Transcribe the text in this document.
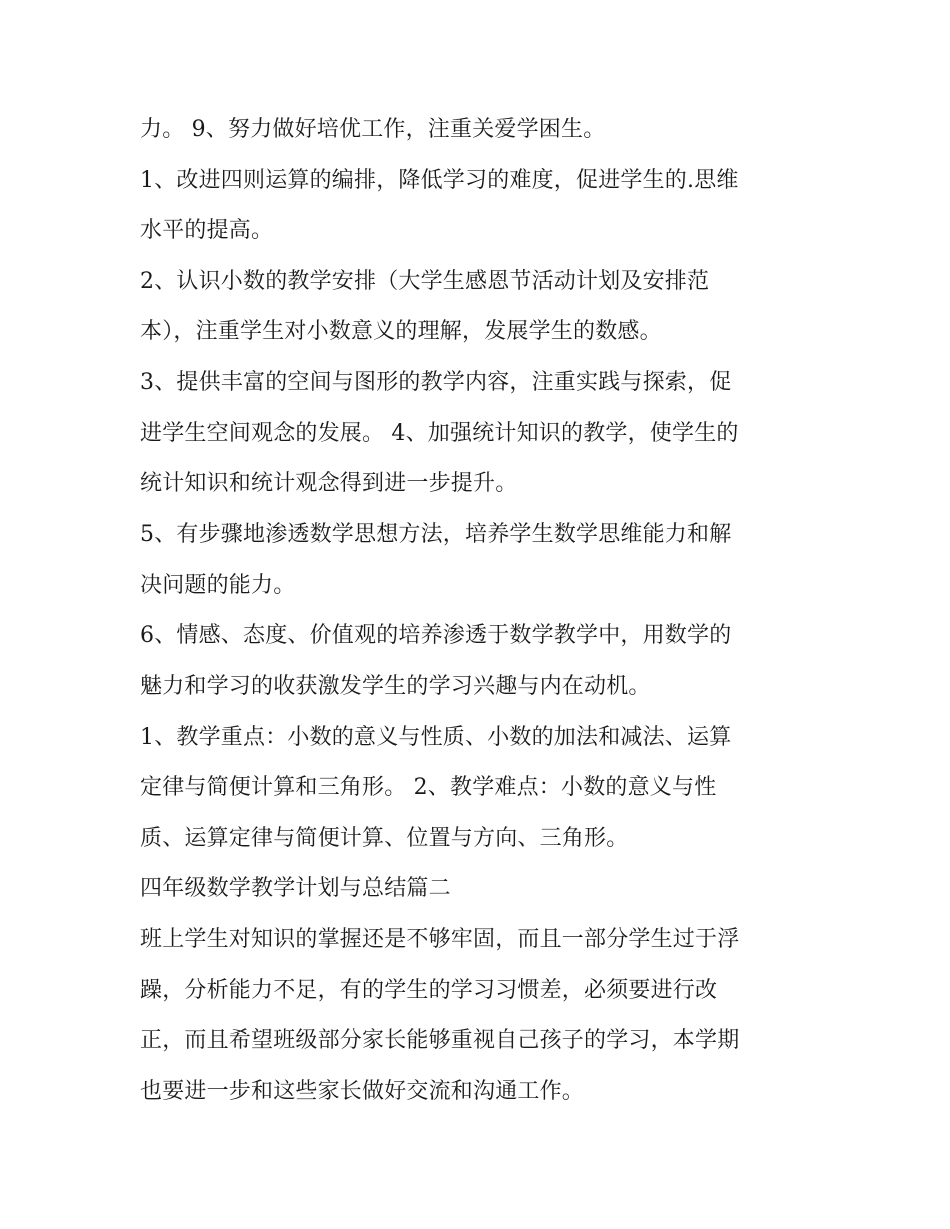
力。 9、努力做好培优工作，注重关爱学困生。
1、改进四则运算的编排，降低学习的难度，促进学生的.思维
水平的提高。
2、认识小数的教学安排（大学生感恩节活动计划及安排范
本），注重学生对小数意义的理解，发展学生的数感。
3、提供丰富的空间与图形的教学内容，注重实践与探索，促
进学生空间观念的发展。 4、加强统计知识的教学，使学生的
统计知识和统计观念得到进一步提升。
5、有步骤地渗透数学思想方法，培养学生数学思维能力和解
决问题的能力。
6、情感、态度、价值观的培养渗透于数学教学中，用数学的
魅力和学习的收获激发学生的学习兴趣与内在动机。
1、教学重点：小数的意义与性质、小数的加法和减法、运算
定律与简便计算和三角形。 2、教学难点：小数的意义与性
质、运算定律与简便计算、位置与方向、三角形。
四年级数学教学计划与总结篇二
班上学生对知识的掌握还是不够牢固，而且一部分学生过于浮
躁，分析能力不足，有的学生的学习习惯差，必须要进行改
正，而且希望班级部分家长能够重视自己孩子的学习，本学期
也要进一步和这些家长做好交流和沟通工作。
